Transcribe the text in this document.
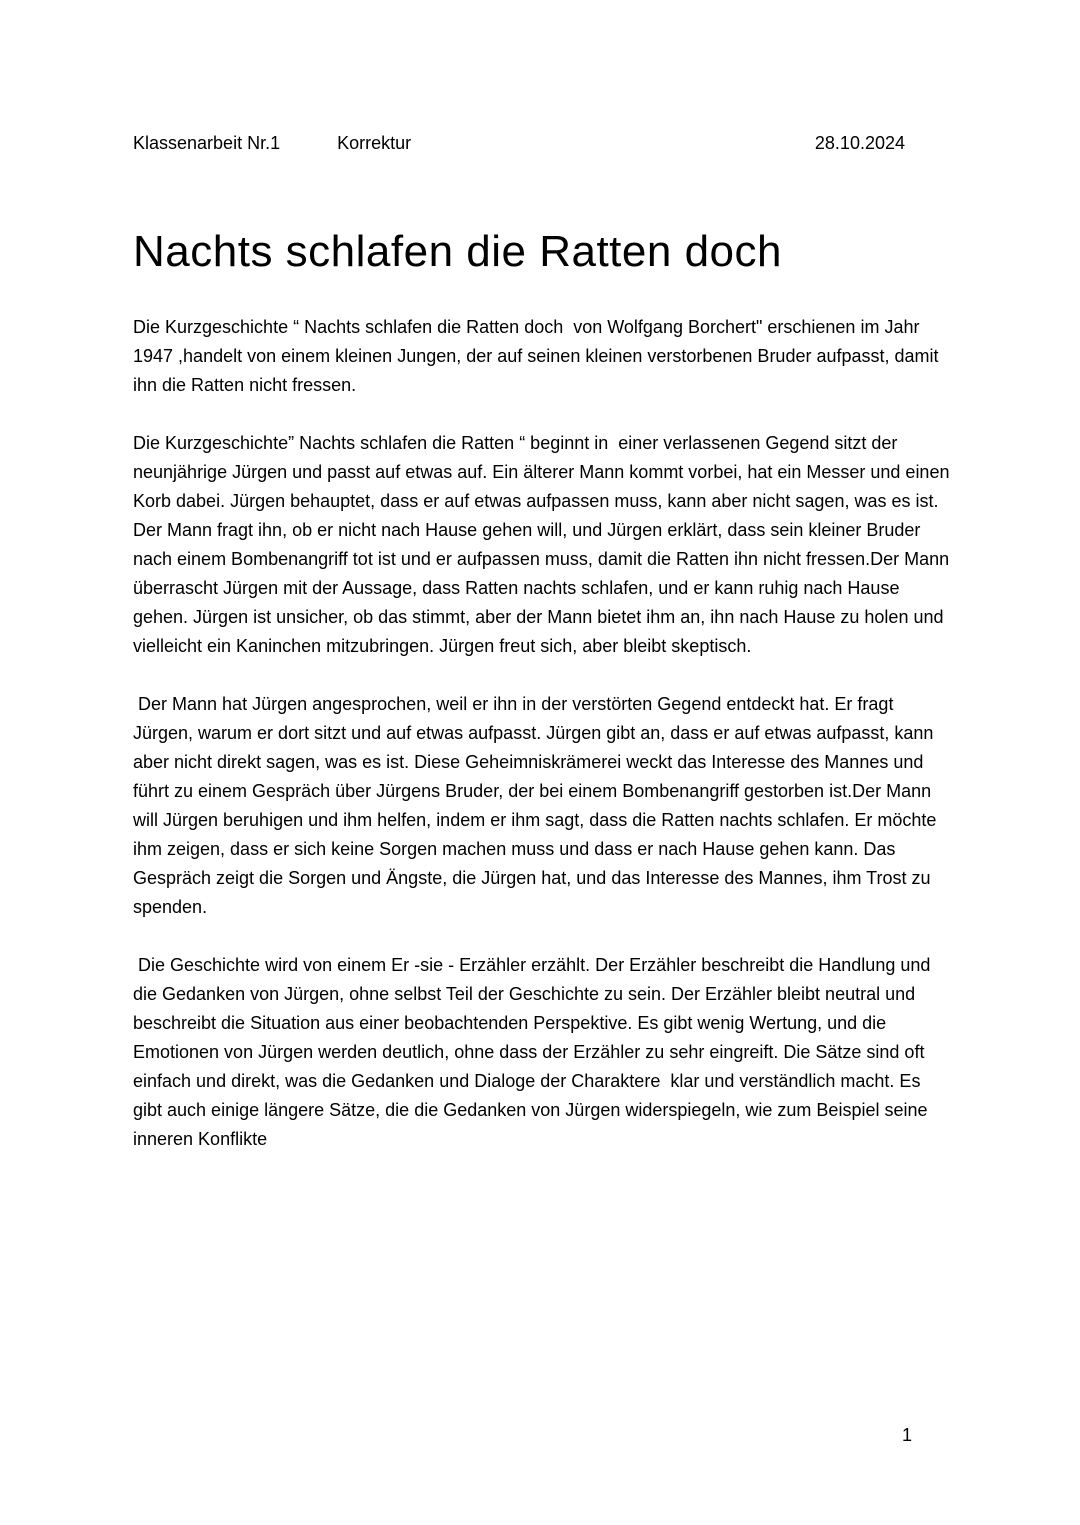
Klassenarbeit Nr.1	Korrektur	28.10.2024
Nachts schlafen die Ratten doch

Die Kurzgeschichte “ Nachts schlafen die Ratten doch  von Wolfgang Borchert" erschienen im Jahr 1947 ,handelt von einem kleinen Jungen, der auf seinen kleinen verstorbenen Bruder aufpasst, damit ihn die Ratten nicht fressen.

Die Kurzgeschichte” Nachts schlafen die Ratten “ beginnt in  einer verlassenen Gegend sitzt der neunjährige Jürgen und passt auf etwas auf. Ein älterer Mann kommt vorbei, hat ein Messer und einen Korb dabei. Jürgen behauptet, dass er auf etwas aufpassen muss, kann aber nicht sagen, was es ist. Der Mann fragt ihn, ob er nicht nach Hause gehen will, und Jürgen erklärt, dass sein kleiner Bruder nach einem Bombenangriff tot ist und er aufpassen muss, damit die Ratten ihn nicht fressen.Der Mann überrascht Jürgen mit der Aussage, dass Ratten nachts schlafen, und er kann ruhig nach Hause gehen. Jürgen ist unsicher, ob das stimmt, aber der Mann bietet ihm an, ihn nach Hause zu holen und vielleicht ein Kaninchen mitzubringen. Jürgen freut sich, aber bleibt skeptisch.

Der Mann hat Jürgen angesprochen, weil er ihn in der verstörten Gegend entdeckt hat. Er fragt Jürgen, warum er dort sitzt und auf etwas aufpasst. Jürgen gibt an, dass er auf etwas aufpasst, kann aber nicht direkt sagen, was es ist. Diese Geheimniskrämerei weckt das Interesse des Mannes und führt zu einem Gespräch über Jürgens Bruder, der bei einem Bombenangriff gestorben ist.Der Mann will Jürgen beruhigen und ihm helfen, indem er ihm sagt, dass die Ratten nachts schlafen. Er möchte ihm zeigen, dass er sich keine Sorgen machen muss und dass er nach Hause gehen kann. Das Gespräch zeigt die Sorgen und Ängste, die Jürgen hat, und das Interesse des Mannes, ihm Trost zu spenden.

Die Geschichte wird von einem Er -sie - Erzähler erzählt. Der Erzähler beschreibt die Handlung und die Gedanken von Jürgen, ohne selbst Teil der Geschichte zu sein. Der Erzähler bleibt neutral und beschreibt die Situation aus einer beobachtenden Perspektive. Es gibt wenig Wertung, und die Emotionen von Jürgen werden deutlich, ohne dass der Erzähler zu sehr eingreift. Die Sätze sind oft einfach und direkt, was die Gedanken und Dialoge der Charaktere  klar und verständlich macht. Es gibt auch einige längere Sätze, die die Gedanken von Jürgen widerspiegeln, wie zum Beispiel seine inneren Konflikte

1
